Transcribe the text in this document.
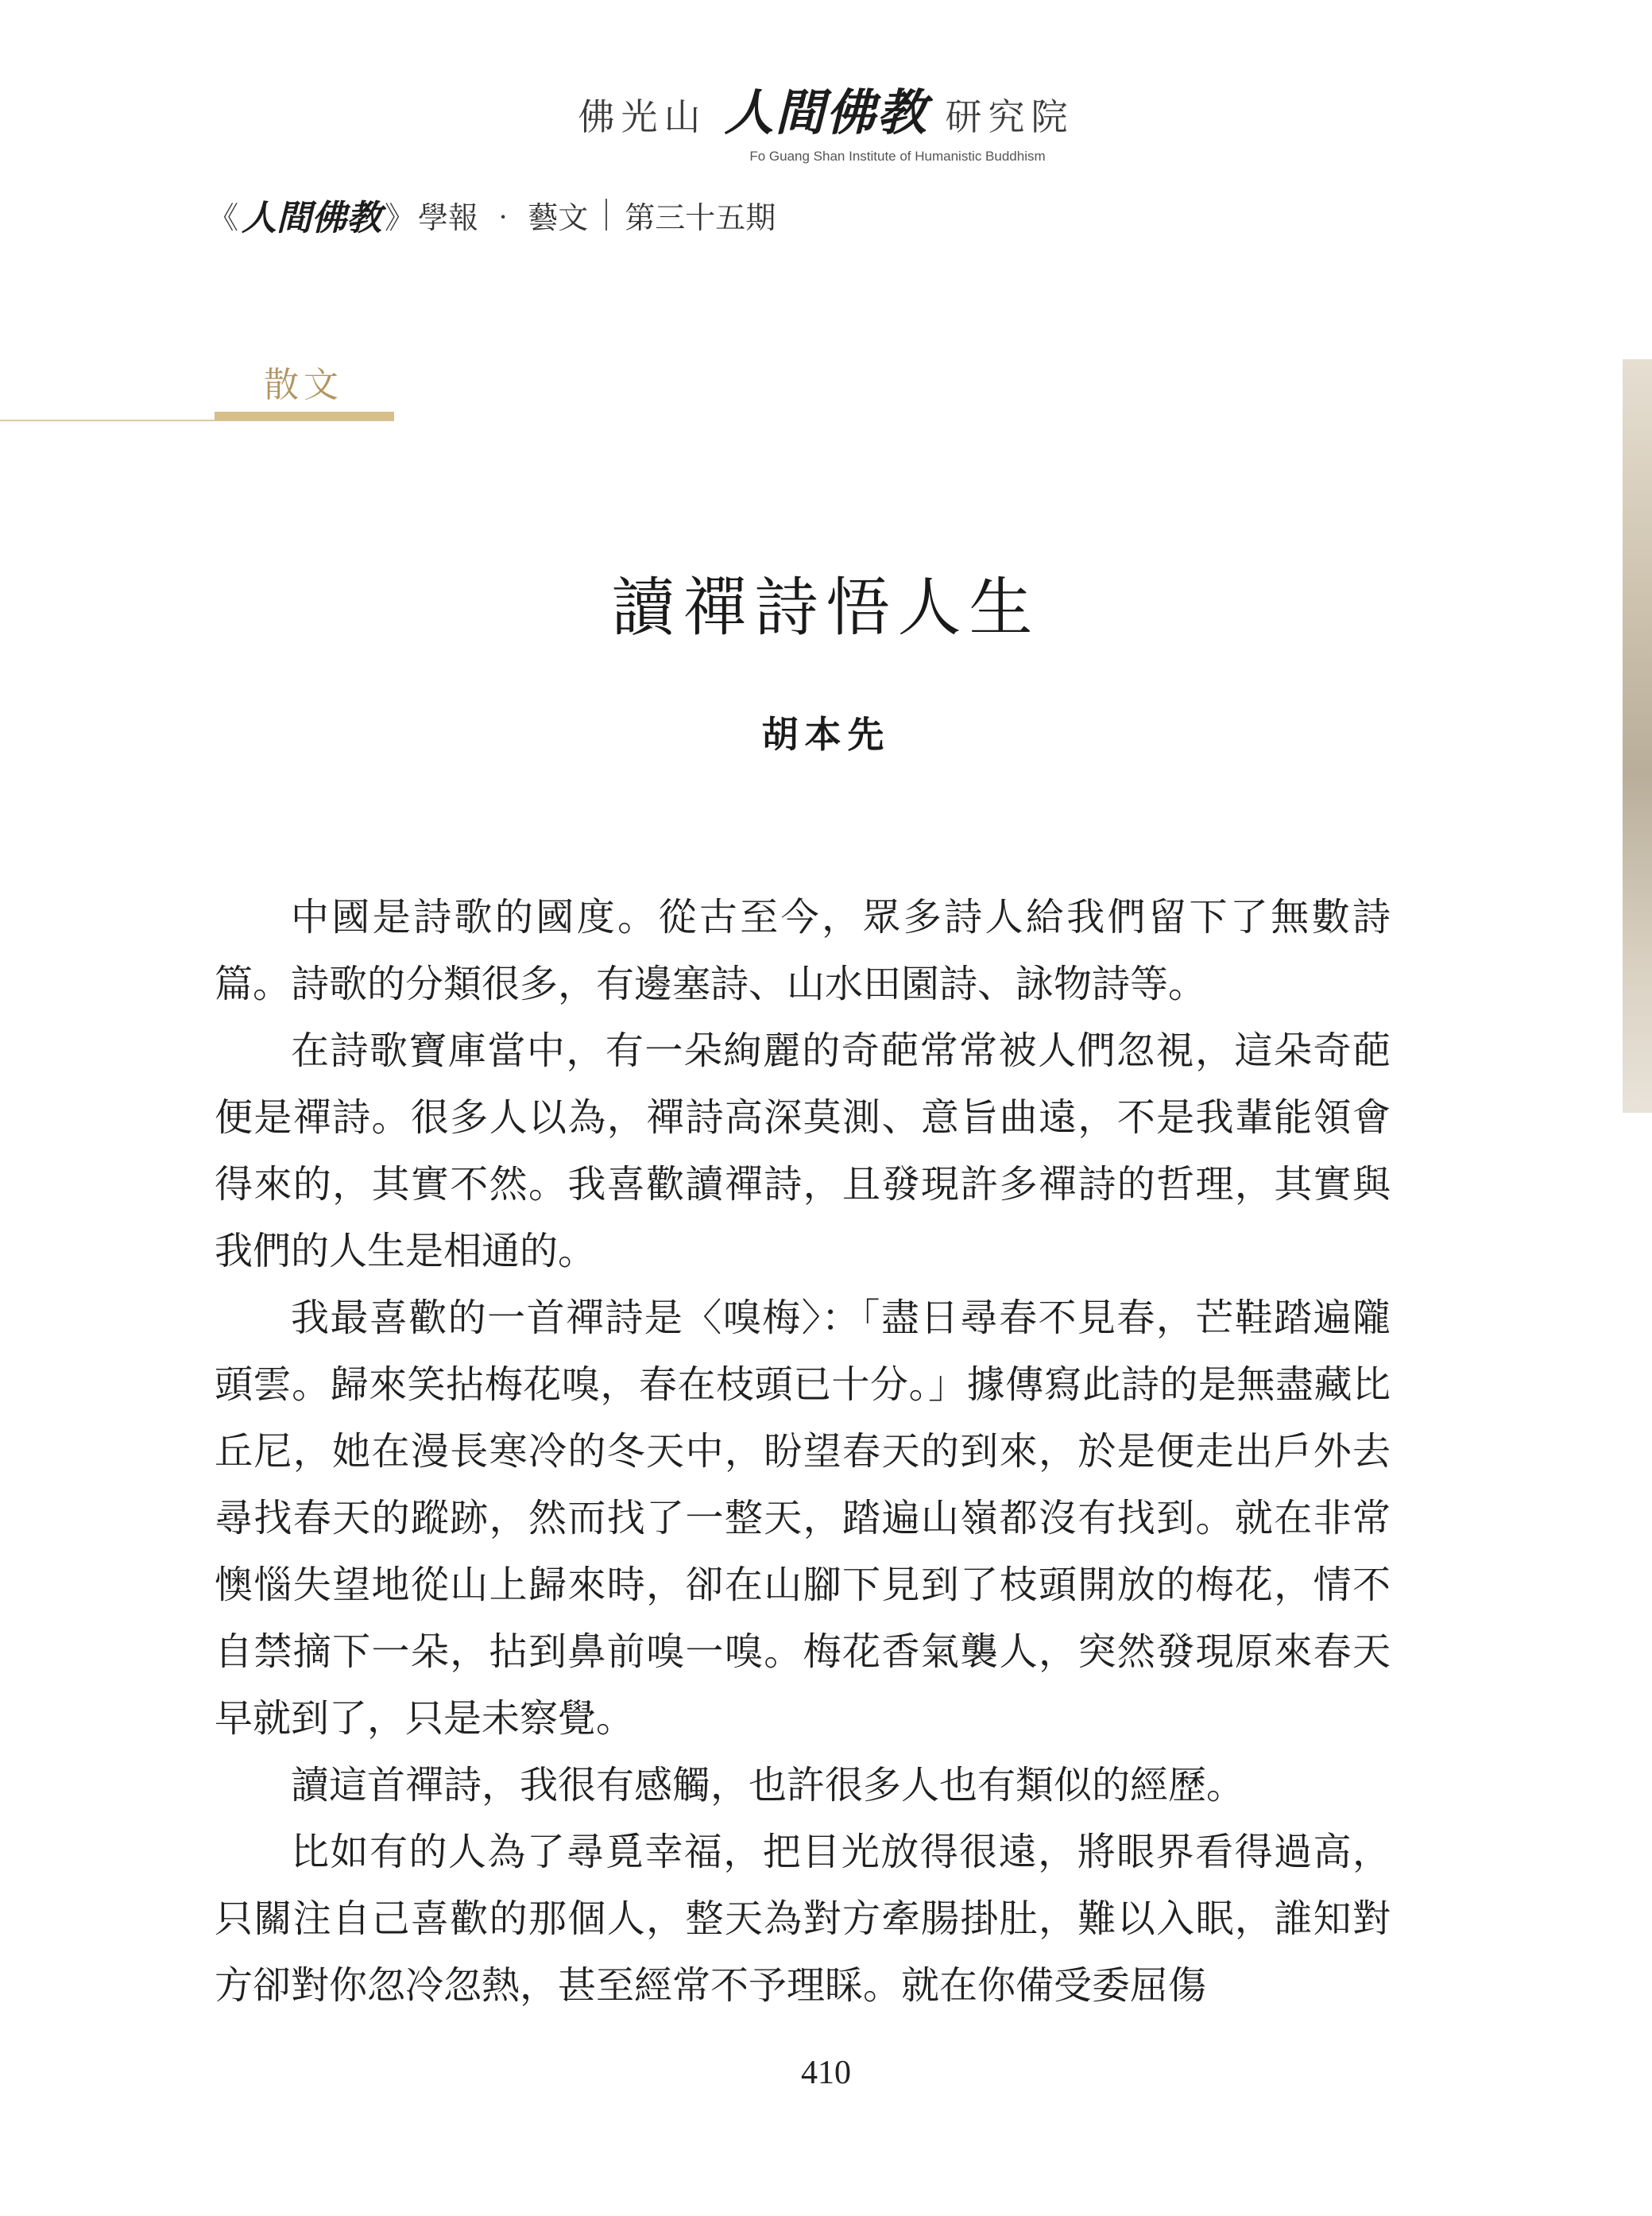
佛光山 人間佛教 研究院
Fo Guang Shan Institute of Humanistic Buddhism
《 人間佛教 》 學報 ‧ 藝文 第三十五期
散文
讀禪詩悟人生
胡本先

中國是詩歌的國度。從古至今，眾多詩人給我們留下了無數詩篇。詩歌的分類很多，有邊塞詩、山水田園詩、詠物詩等。

在詩歌寶庫當中，有一朵絢麗的奇葩常常被人們忽視，這朵奇葩便是禪詩。很多人以為，禪詩高深莫測、意旨曲遠，不是我輩能領會得來的，其實不然。我喜歡讀禪詩，且發現許多禪詩的哲理，其實與我們的人生是相通的。

我最喜歡的一首禪詩是〈嗅梅〉：「盡日尋春不見春，芒鞋踏遍隴頭雲。歸來笑拈梅花嗅，春在枝頭已十分。」據傳寫此詩的是無盡藏比丘尼，她在漫長寒冷的冬天中，盼望春天的到來，於是便走出戶外去尋找春天的蹤跡，然而找了一整天，踏遍山嶺都沒有找到。就在非常懊惱失望地從山上歸來時，卻在山腳下見到了枝頭開放的梅花，情不自禁摘下一朵，拈到鼻前嗅一嗅。梅花香氣襲人，突然發現原來春天早就到了，只是未察覺。

讀這首禪詩，我很有感觸，也許很多人也有類似的經歷。

比如有的人為了尋覓幸福，把目光放得很遠，將眼界看得過高，只關注自己喜歡的那個人，整天為對方牽腸掛肚，難以入眠，誰知對方卻對你忽冷忽熱，甚至經常不予理睬。就在你備受委屈傷

410
